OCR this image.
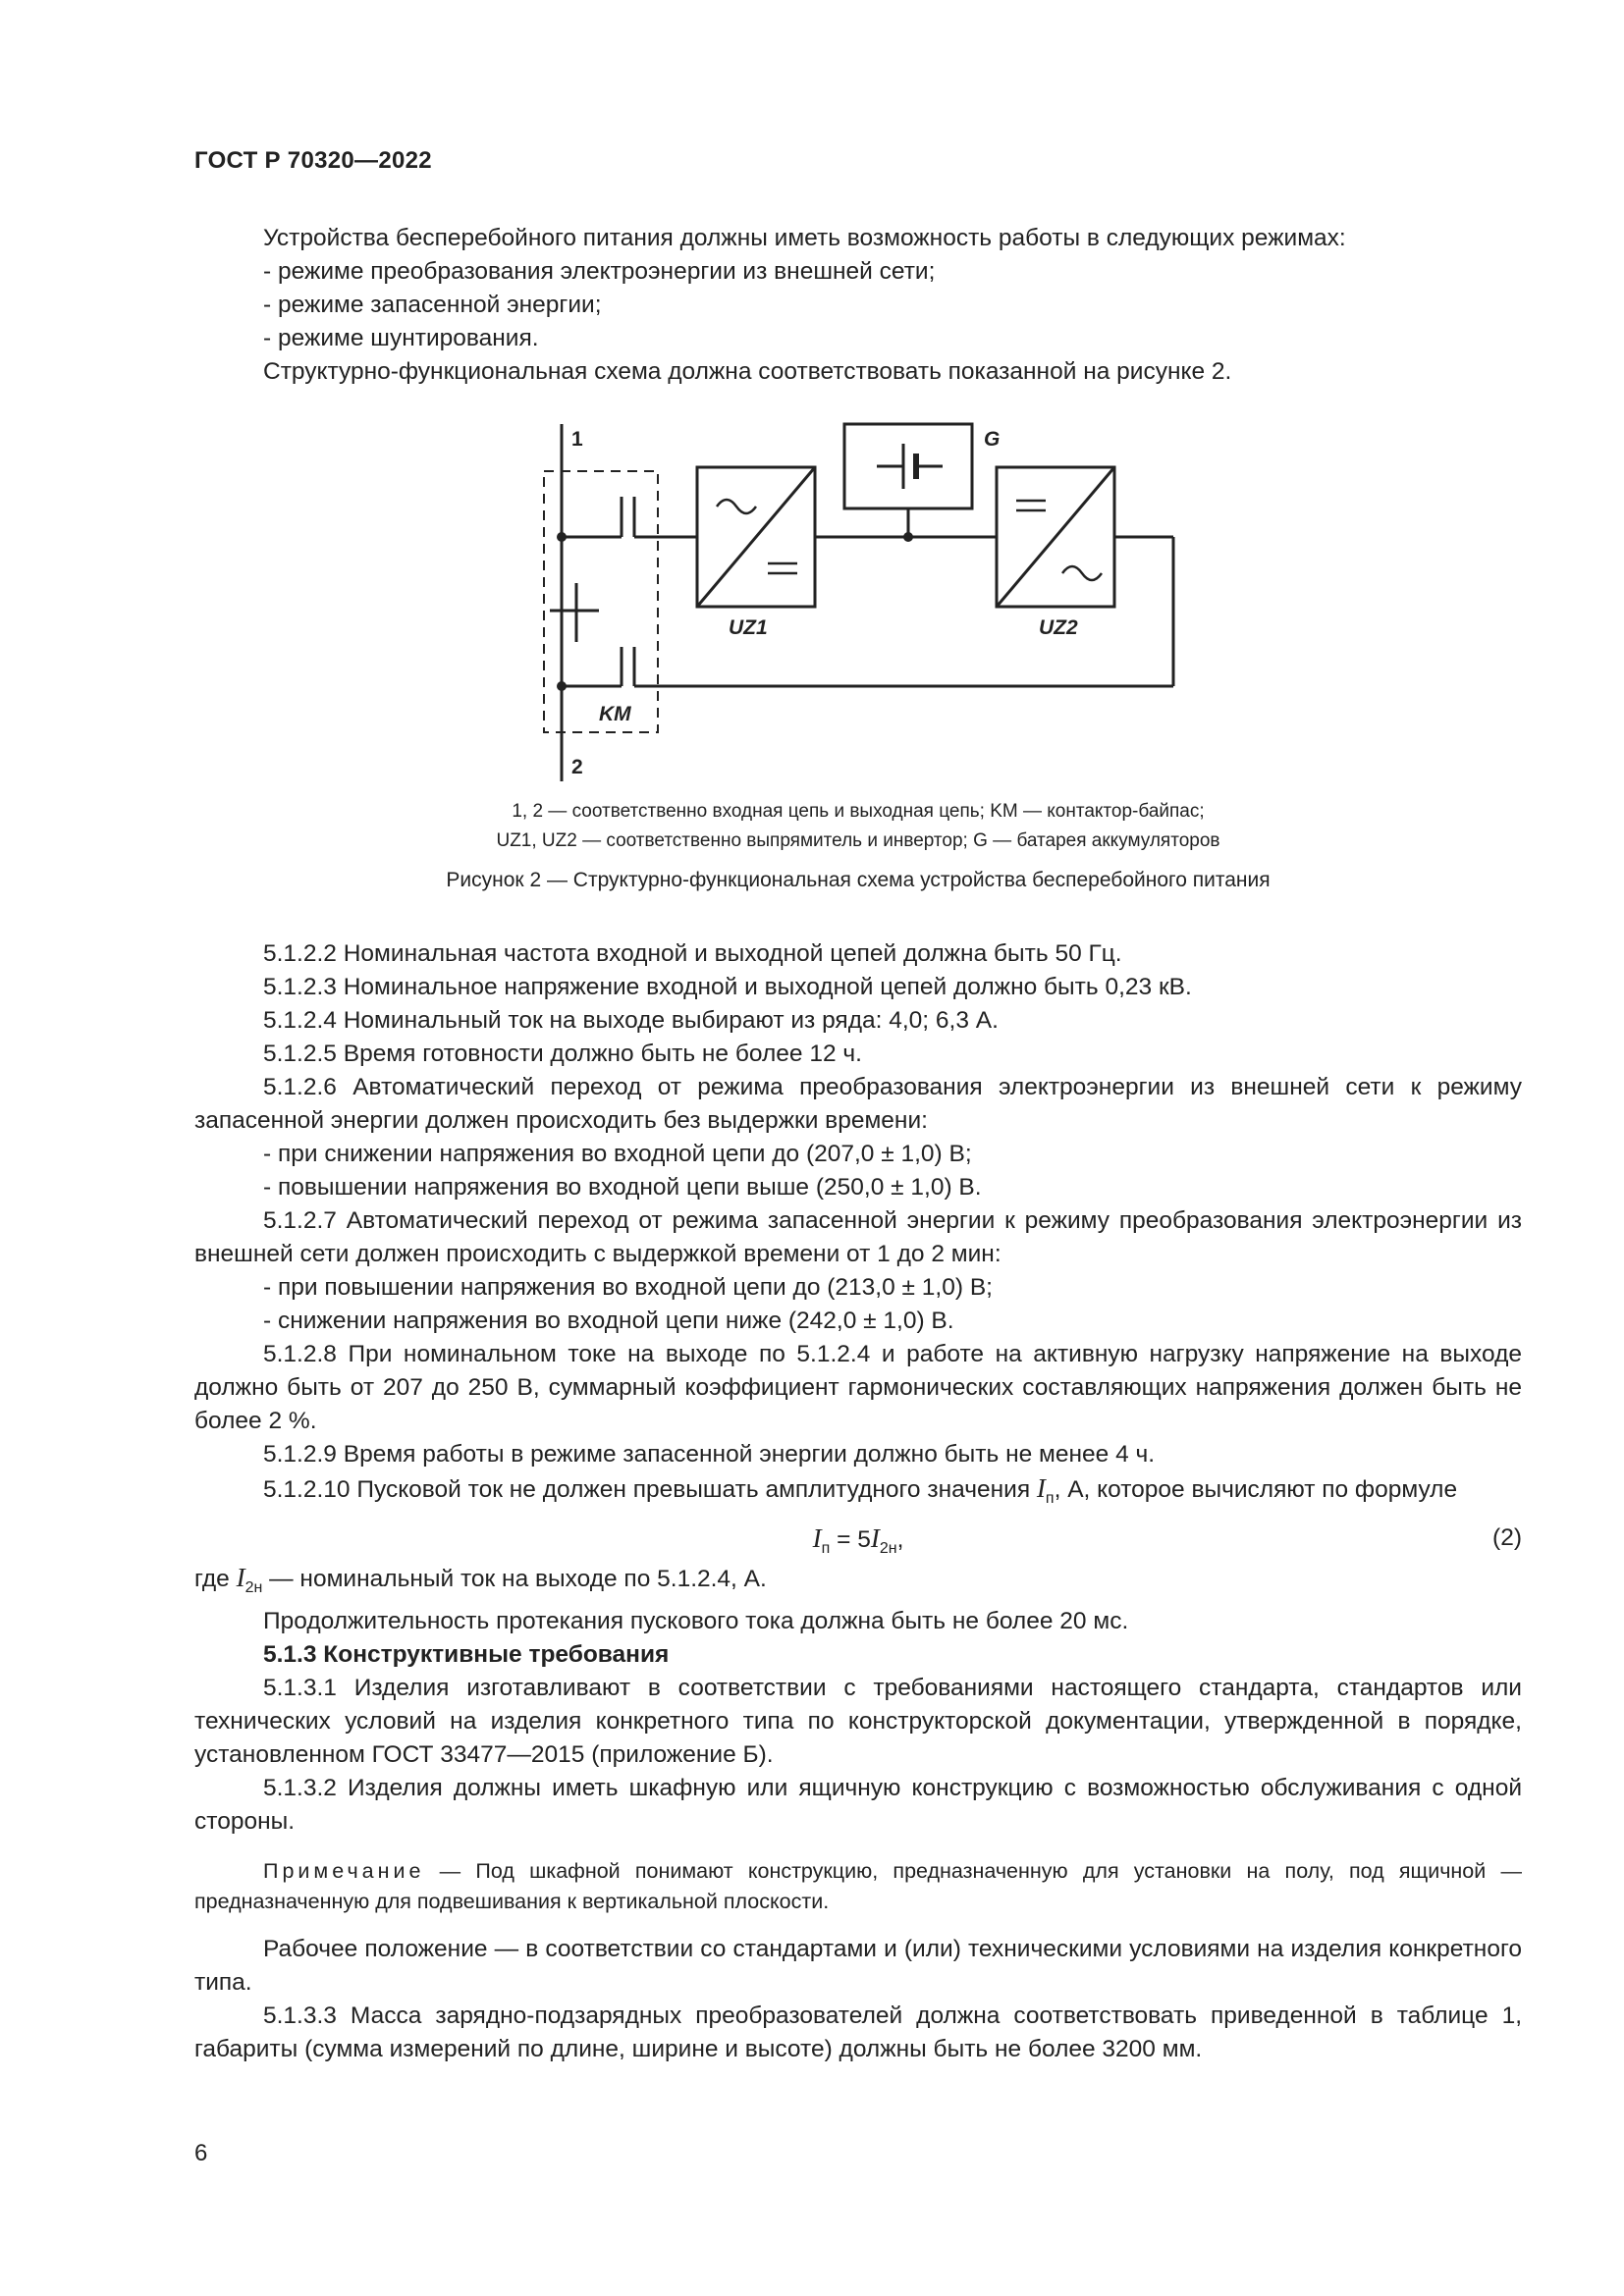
ГОСТ Р 70320—2022

Устройства бесперебойного питания должны иметь возможность работы в следующих режимах:

- режиме преобразования электроэнергии из внешней сети;

- режиме запасенной энергии;

- режиме шунтирования.

Структурно-функциональная схема должна соответствовать показанной на рисунке 2.

1
2
G
UZ1	UZ2
KM
1, 2 — соответственно входная цепь и выходная цепь; KM — контактор-байпас;
UZ1, UZ2 — соответственно выпрямитель и инвертор; G — батарея аккумуляторов
Рисунок 2 — Структурно-функциональная схема устройства бесперебойного питания

5.1.2.2 Номинальная частота входной и выходной цепей должна быть 50 Гц.

5.1.2.3 Номинальное напряжение входной и выходной цепей должно быть 0,23 кВ.

5.1.2.4 Номинальный ток на выходе выбирают из ряда: 4,0; 6,3 А.

5.1.2.5 Время готовности должно быть не более 12 ч.

5.1.2.6 Автоматический переход от режима преобразования электроэнергии из внешней сети к режиму запасенной энергии должен происходить без выдержки времени:

- при снижении напряжения во входной цепи до (207,0 ± 1,0) В;

- повышении напряжения во входной цепи выше (250,0 ± 1,0) В.

5.1.2.7 Автоматический переход от режима запасенной энергии к режиму преобразования электроэнергии из внешней сети должен происходить с выдержкой времени от 1 до 2 мин:

- при повышении напряжения во входной цепи до (213,0 ± 1,0) В;

- снижении напряжения во входной цепи ниже (242,0 ± 1,0) В.

5.1.2.8 При номинальном токе на выходе по 5.1.2.4 и работе на активную нагрузку напряжение на выходе должно быть от 207 до 250 В, суммарный коэффициент гармонических составляющих напряжения должен быть не более 2 %.

5.1.2.9 Время работы в режиме запасенной энергии должно быть не менее 4 ч.

5.1.2.10 Пусковой ток не должен превышать амплитудного значения $I_п$, А, которое вычисляют по формуле

$I_п = 5I_{2н}$,	(2)

где $I_{2н}$ — номинальный ток на выходе по 5.1.2.4, А.

Продолжительность протекания пускового тока должна быть не более 20 мс.

5.1.3 Конструктивные требования

5.1.3.1 Изделия изготавливают в соответствии с требованиями настоящего стандарта, стандартов или технических условий на изделия конкретного типа по конструкторской документации, утвержденной в порядке, установленном ГОСТ 33477—2015 (приложение Б).

5.1.3.2 Изделия должны иметь шкафную или ящичную конструкцию с возможностью обслуживания с одной стороны.

Примечание — Под шкафной понимают конструкцию, предназначенную для установки на полу, под ящичной — предназначенную для подвешивания к вертикальной плоскости.

Рабочее положение — в соответствии со стандартами и (или) техническими условиями на изделия конкретного типа.

5.1.3.3 Масса зарядно-подзарядных преобразователей должна соответствовать приведенной в таблице 1, габариты (сумма измерений по длине, ширине и высоте) должны быть не более 3200 мм.

6
